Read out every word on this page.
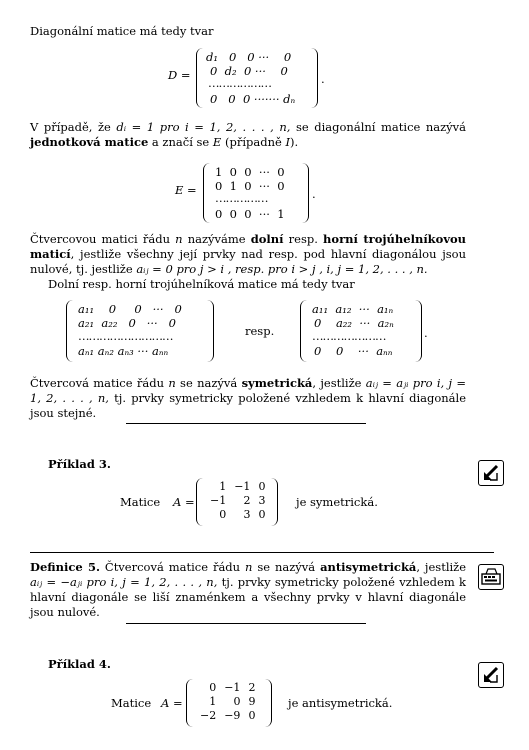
Diagonální matice má tedy tvar
D =
d₁ 0 0 ··· 0
0 d₂ 0 ··· 0
………………
0 0 0 ······· dₙ
.
V případě, že dᵢ = 1 pro i = 1, 2, . . . , n, se diagonální matice nazývá jednotková matice a značí se E (případně I).
E =
1 0 0 ··· 0
0 1 0 ··· 0
……………
0 0 0 ··· 1
.
Čtvercovou matici řádu n nazýváme dolní resp. horní trojúhelníkovou maticí, jestliže všechny její prvky nad resp. pod hlavní diagonálou jsou nulové, tj. jestliže aᵢⱼ = 0 pro j > i , resp. pro i > j , i, j = 1, 2, . . . , n.
Dolní resp. horní trojúhelníková matice má tedy tvar
a₁₁ 0 0 ··· 0
a₂₁ a₂₂ 0 ··· 0
………………………
aₙ₁ aₙ₂ aₙ₃ ··· aₙₙ
resp.
a₁₁ a₁₂ ··· a₁ₙ
0 a₂₂ ··· a₂ₙ
…………………
0 0 ··· aₙₙ
.
Čtvercová matice řádu n se nazývá symetrická, jestliže aᵢⱼ = aⱼᵢ pro i, j = 1, 2, . . . , n, tj. prvky symetricky položené vzhledem k hlavní diagonále jsou stejné.
Příklad 3.
Matice A =
1	−1	0
−1	2	3
0	3	0
je symetrická.
Definice 5. Čtvercová matice řádu n se nazývá antisymetrická, jestliže aᵢⱼ = −aⱼᵢ pro i, j = 1, 2, . . . , n, tj. prvky symetricky položené vzhledem k hlavní diagonále se liší znaménkem a všechny prvky v hlavní diagonále jsou nulové.
Příklad 4.
Matice A =
0	−1	2
1	0	9
−2	−9	0
je antisymetrická.
